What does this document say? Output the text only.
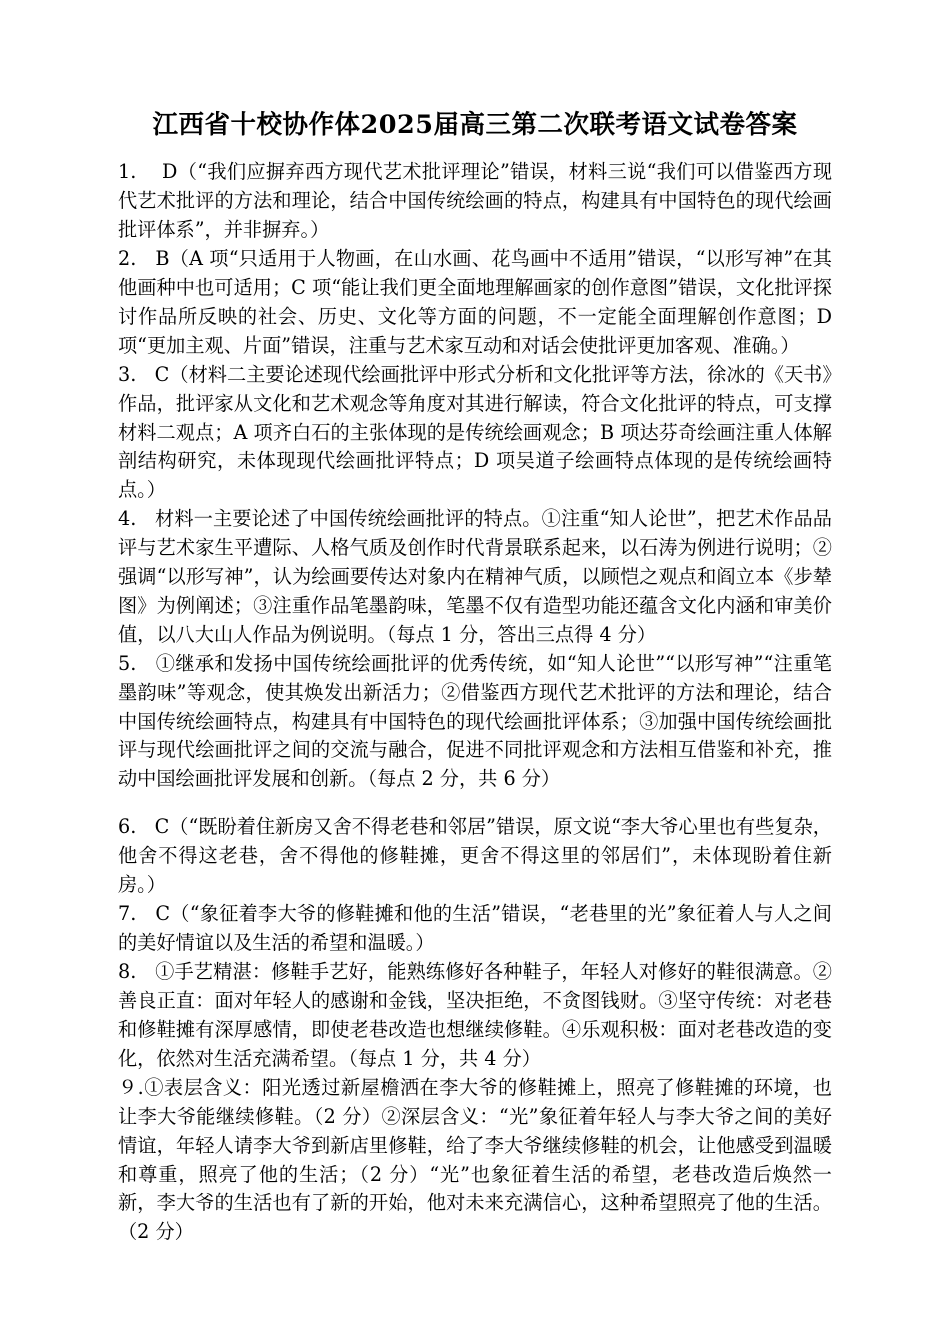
江西省十校协作体2025届高三第二次联考语文试卷答案
1. D（“我们应摒弃西方现代艺术批评理论”错误，材料三说“我们可以借鉴西方现代艺术批评的方法和理论，结合中国传统绘画的特点，构建具有中国特色的现代绘画批评体系”，并非摒弃。）
2. B（A 项“只适用于人物画，在山水画、花鸟画中不适用”错误，“以形写神”在其他画种中也可适用；C 项“能让我们更全面地理解画家的创作意图”错误，文化批评探讨作品所反映的社会、历史、文化等方面的问题，不一定能全面理解创作意图；D 项“更加主观、片面”错误，注重与艺术家互动和对话会使批评更加客观、准确。）
3. C（材料二主要论述现代绘画批评中形式分析和文化批评等方法，徐冰的《天书》作品，批评家从文化和艺术观念等角度对其进行解读，符合文化批评的特点，可支撑材料二观点；A 项齐白石的主张体现的是传统绘画观念；B 项达芬奇绘画注重人体解剖结构研究，未体现现代绘画批评特点；D 项吴道子绘画特点体现的是传统绘画特点。）
4. 材料一主要论述了中国传统绘画批评的特点。①注重“知人论世”，把艺术作品品评与艺术家生平遭际、人格气质及创作时代背景联系起来，以石涛为例进行说明；②强调“以形写神”，认为绘画要传达对象内在精神气质，以顾恺之观点和阎立本《步辇图》为例阐述；③注重作品笔墨韵味，笔墨不仅有造型功能还蕴含文化内涵和审美价值，以八大山人作品为例说明。（每点 1 分，答出三点得 4 分）
5. ①继承和发扬中国传统绘画批评的优秀传统，如“知人论世”“以形写神”“注重笔墨韵味”等观念，使其焕发出新活力；②借鉴西方现代艺术批评的方法和理论，结合中国传统绘画特点，构建具有中国特色的现代绘画批评体系；③加强中国传统绘画批评与现代绘画批评之间的交流与融合，促进不同批评观念和方法相互借鉴和补充，推动中国绘画批评发展和创新。（每点 2 分，共 6 分）
6. C（“既盼着住新房又舍不得老巷和邻居”错误，原文说“李大爷心里也有些复杂，他舍不得这老巷，舍不得他的修鞋摊，更舍不得这里的邻居们”，未体现盼着住新房。）
7. C（“象征着李大爷的修鞋摊和他的生活”错误，“老巷里的光”象征着人与人之间的美好情谊以及生活的希望和温暖。）
8. ①手艺精湛：修鞋手艺好，能熟练修好各种鞋子，年轻人对修好的鞋很满意。②善良正直：面对年轻人的感谢和金钱，坚决拒绝，不贪图钱财。③坚守传统：对老巷和修鞋摊有深厚感情，即使老巷改造也想继续修鞋。④乐观积极：面对老巷改造的变化，依然对生活充满希望。（每点 1 分，共 4 分）
９.①表层含义：阳光透过新屋檐洒在李大爷的修鞋摊上，照亮了修鞋摊的环境，也让李大爷能继续修鞋。（2 分）②深层含义：“光”象征着年轻人与李大爷之间的美好情谊，年轻人请李大爷到新店里修鞋，给了李大爷继续修鞋的机会，让他感受到温暖和尊重，照亮了他的生活；（2 分）“光”也象征着生活的希望，老巷改造后焕然一新，李大爷的生活也有了新的开始，他对未来充满信心，这种希望照亮了他的生活。（2 分）
